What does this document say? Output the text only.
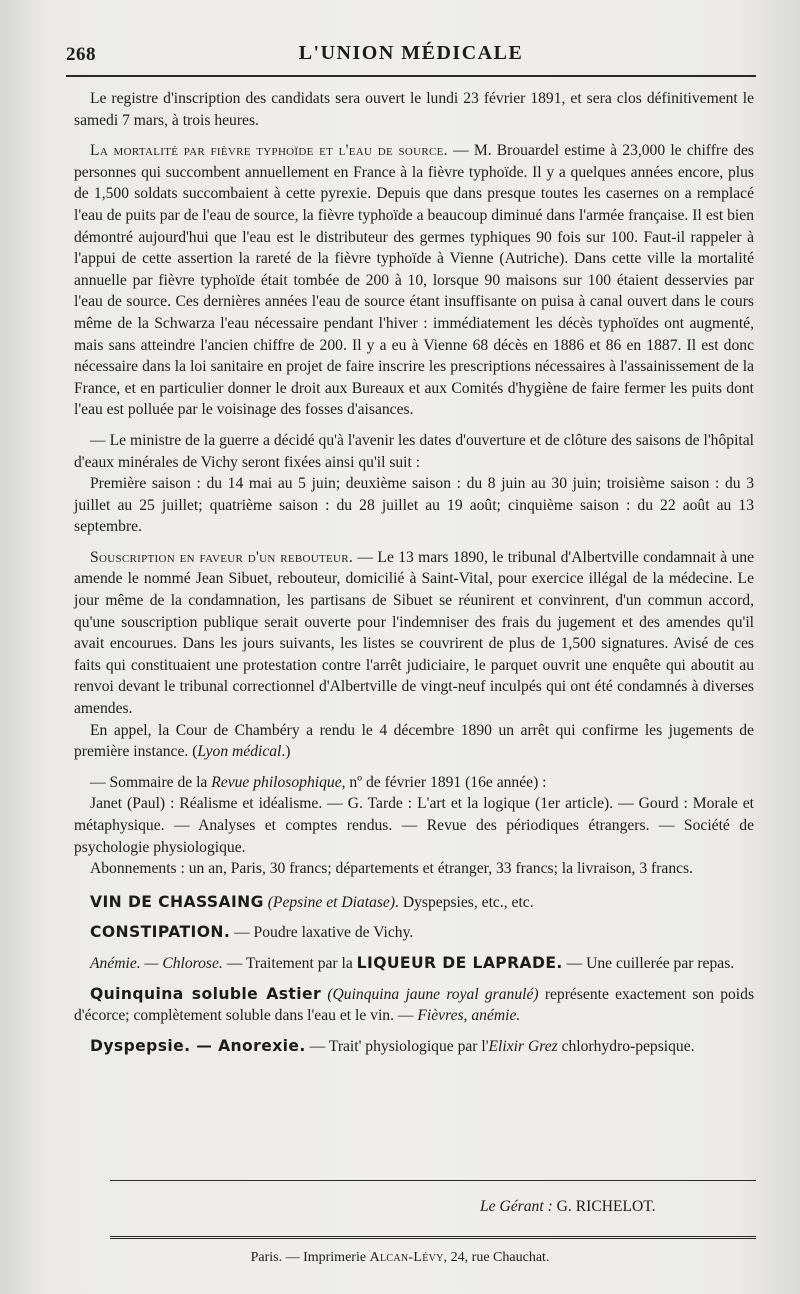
268	L'UNION MÉDICALE

Le registre d'inscription des candidats sera ouvert le lundi 23 février 1891, et sera clos définitivement le samedi 7 mars, à trois heures.

La mortalité par fièvre typhoïde et l'eau de source. — M. Brouardel estime à 23,000 le chiffre des personnes qui succombent annuellement en France à la fièvre typhoïde. Il y a quelques années encore, plus de 1,500 soldats succombaient à cette pyrexie. Depuis que dans presque toutes les casernes on a remplacé l'eau de puits par de l'eau de source, la fièvre typhoïde a beaucoup diminué dans l'armée française. Il est bien démontré aujourd'hui que l'eau est le distributeur des germes typhiques 90 fois sur 100. Faut-il rappeler à l'appui de cette assertion la rareté de la fièvre typhoïde à Vienne (Autriche). Dans cette ville la mortalité annuelle par fièvre typhoïde était tombée de 200 à 10, lorsque 90 maisons sur 100 étaient desservies par l'eau de source. Ces dernières années l'eau de source étant insuffisante on puisa à canal ouvert dans le cours même de la Schwarza l'eau nécessaire pendant l'hiver : immédiatement les décès typhoïdes ont augmenté, mais sans atteindre l'ancien chiffre de 200. Il y a eu à Vienne 68 décès en 1886 et 86 en 1887. Il est donc nécessaire dans la loi sanitaire en projet de faire inscrire les prescriptions nécessaires à l'assainissement de la France, et en particulier donner le droit aux Bureaux et aux Comités d'hygiène de faire fermer les puits dont l'eau est polluée par le voisinage des fosses d'aisances.

— Le ministre de la guerre a décidé qu'à l'avenir les dates d'ouverture et de clôture des saisons de l'hôpital d'eaux minérales de Vichy seront fixées ainsi qu'il suit :

Première saison : du 14 mai au 5 juin; deuxième saison : du 8 juin au 30 juin; troisième saison : du 3 juillet au 25 juillet; quatrième saison : du 28 juillet au 19 août; cinquième saison : du 22 août au 13 septembre.

Souscription en faveur d'un rebouteur. — Le 13 mars 1890, le tribunal d'Albertville condamnait à une amende le nommé Jean Sibuet, rebouteur, domicilié à Saint-Vital, pour exercice illégal de la médecine. Le jour même de la condamnation, les partisans de Sibuet se réunirent et convinrent, d'un commun accord, qu'une souscription publique serait ouverte pour l'indemniser des frais du jugement et des amendes qu'il avait encourues. Dans les jours suivants, les listes se couvrirent de plus de 1,500 signatures. Avisé de ces faits qui constituaient une protestation contre l'arrêt judiciaire, le parquet ouvrit une enquête qui aboutit au renvoi devant le tribunal correctionnel d'Albertville de vingt-neuf inculpés qui ont été condamnés à diverses amendes.

En appel, la Cour de Chambéry a rendu le 4 décembre 1890 un arrêt qui confirme les jugements de première instance. (Lyon médical.)

— Sommaire de la Revue philosophique, nº de février 1891 (16e année) :

Janet (Paul) : Réalisme et idéalisme. — G. Tarde : L'art et la logique (1er article). — Gourd : Morale et métaphysique. — Analyses et comptes rendus. — Revue des périodiques étrangers. — Société de psychologie physiologique.

Abonnements : un an, Paris, 30 francs; départements et étranger, 33 francs; la livraison, 3 francs.

VIN DE CHASSAING (Pepsine et Diatase). Dyspepsies, etc., etc.

CONSTIPATION. — Poudre laxative de Vichy.

Anémie. — Chlorose. — Traitement par la LIQUEUR DE LAPRADE. — Une cuillerée par repas.

Quinquina soluble Astier (Quinquina jaune royal granulé) représente exactement son poids d'écorce; complètement soluble dans l'eau et le vin. — Fièvres, anémie.

Dyspepsie. — Anorexie. — Trait' physiologique par l'Elixir Grez chlorhydro-pepsique.

Le Gérant : G. RICHELOT.
Paris. — Imprimerie Alcan-Lévy, 24, rue Chauchat.
